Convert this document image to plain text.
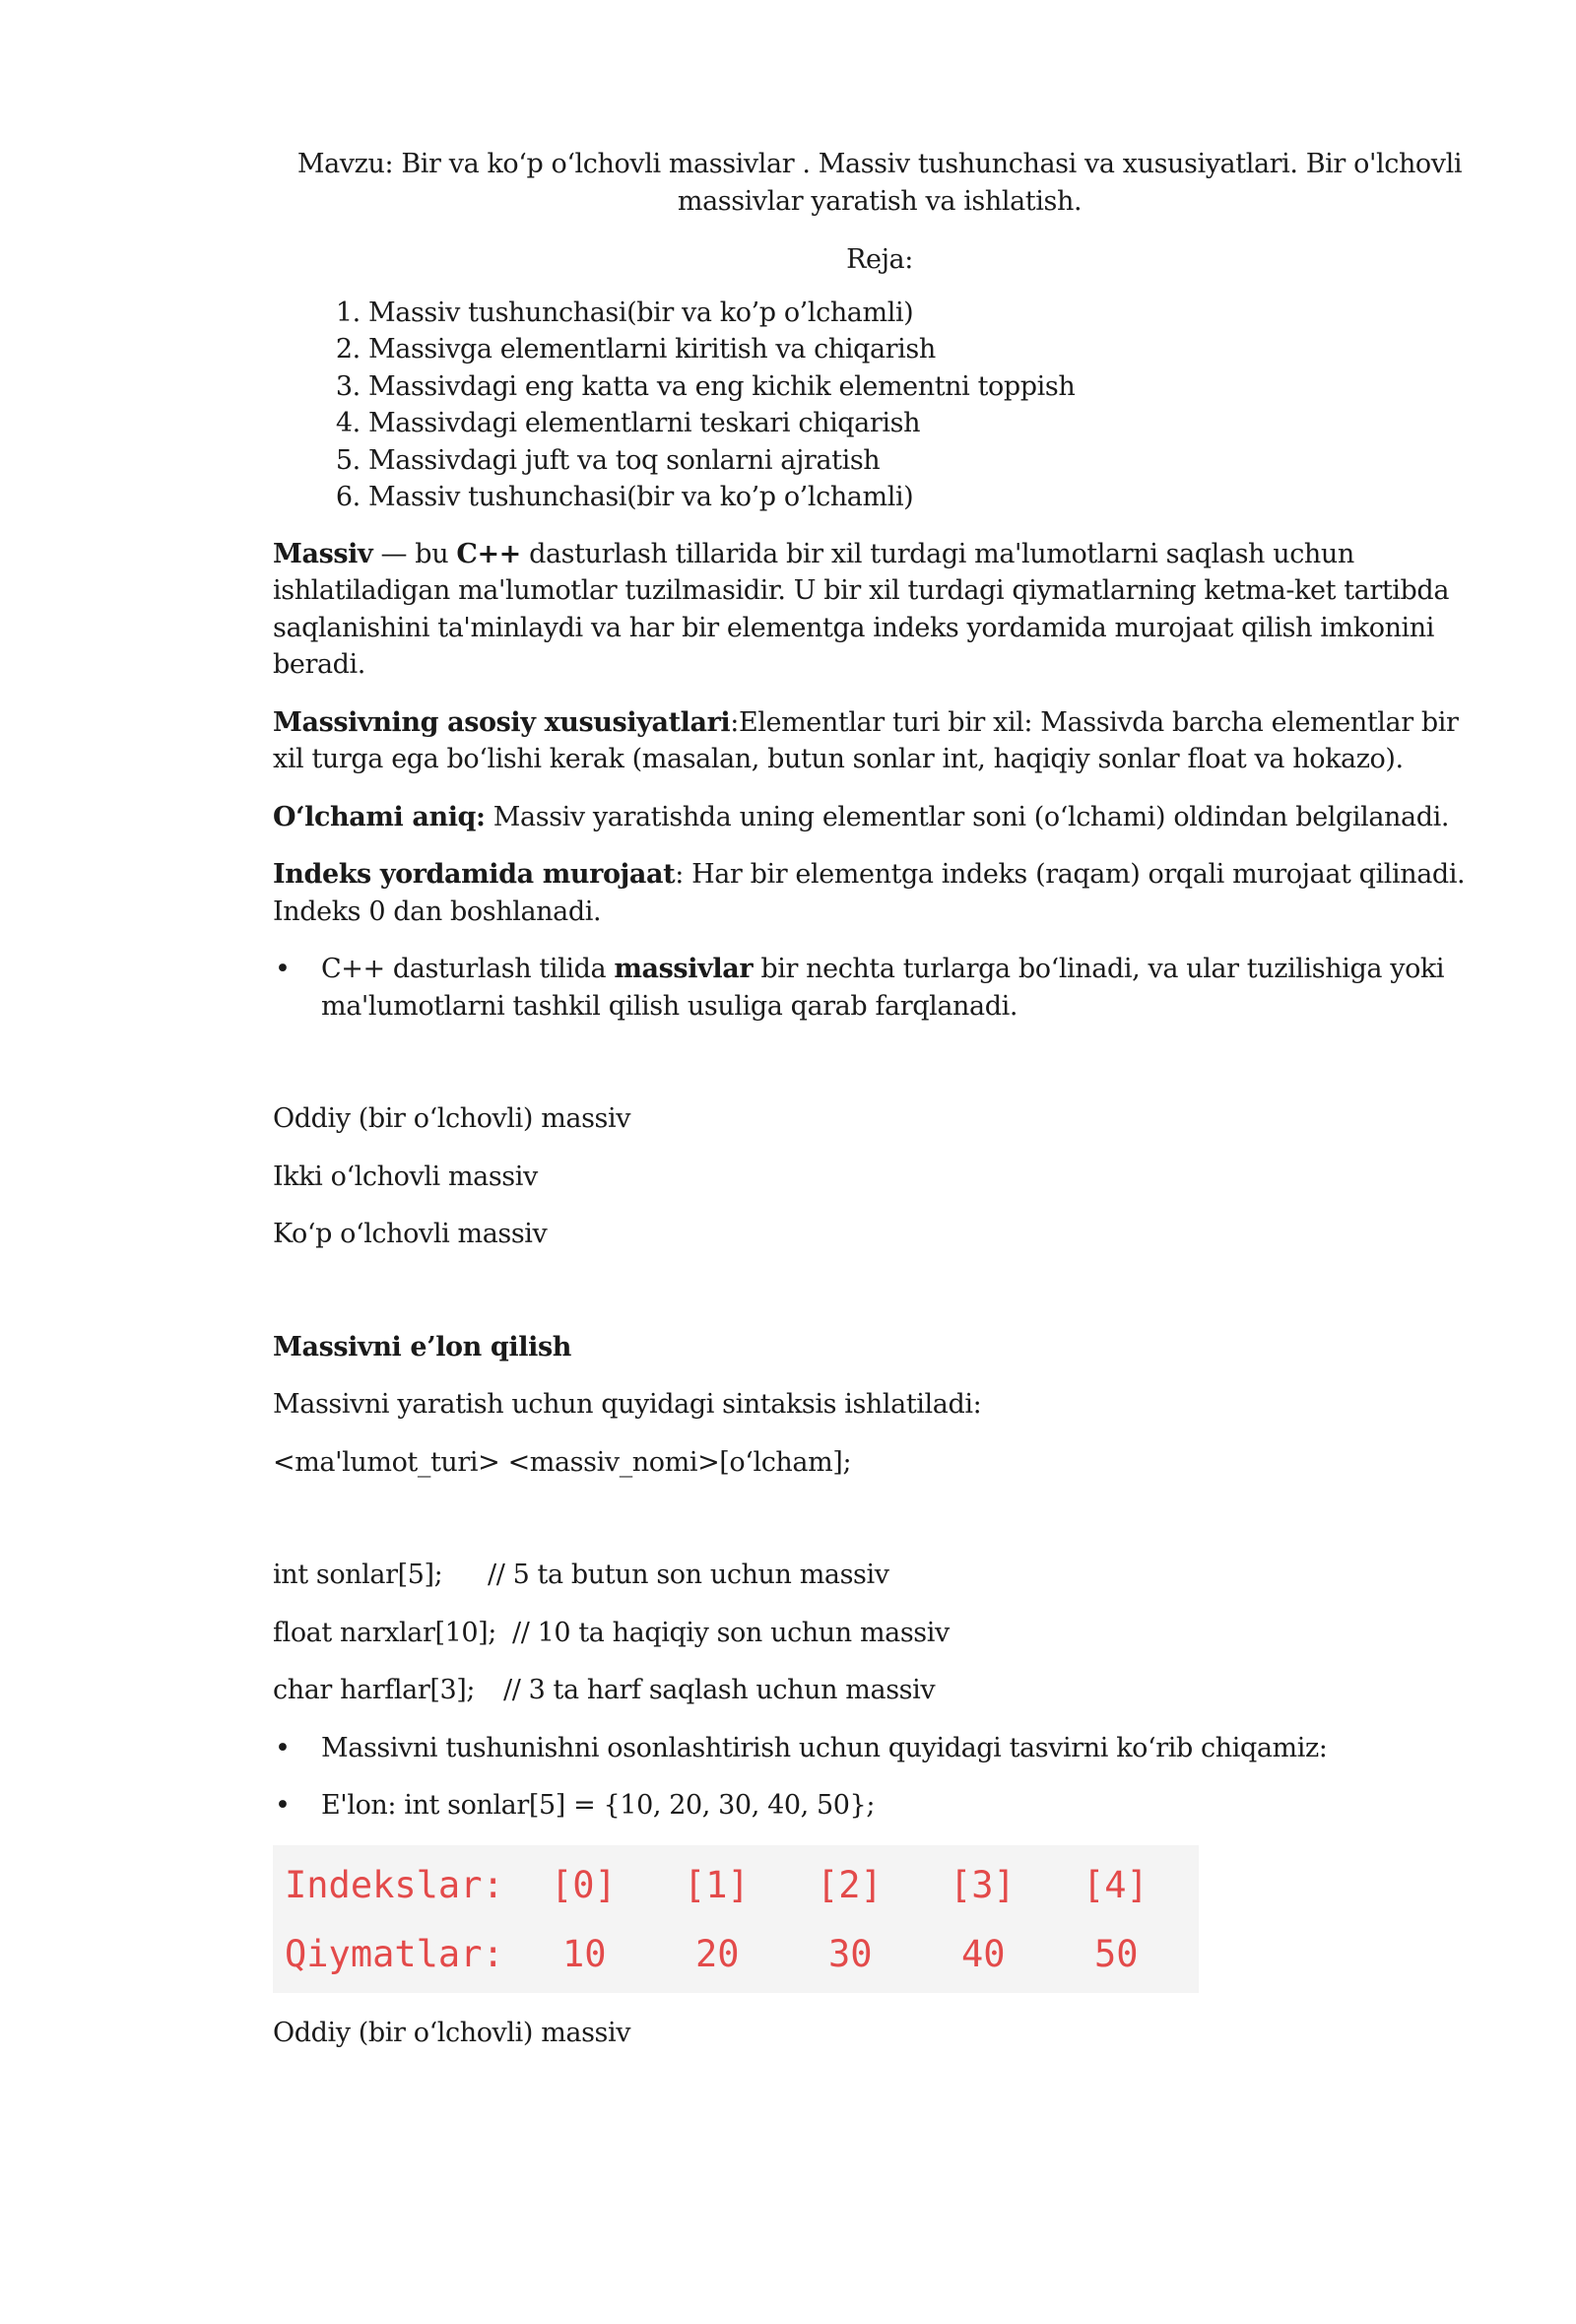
Mavzu: Bir va koʻp oʻlchovli massivlar . Massiv tushunchasi va xususiyatlari. Bir o'lchovli massivlar yaratish va ishlatish.

Reja:

1. Massiv tushunchasi(bir va ko’p o’lchamli)
2. Massivga elementlarni kiritish va chiqarish
3. Massivdagi eng katta va eng kichik elementni toppish
4. Massivdagi elementlarni teskari chiqarish
5. Massivdagi juft va toq sonlarni ajratish
6. Massiv tushunchasi(bir va ko’p o’lchamli)

Massiv — bu C++ dasturlash tillarida bir xil turdagi ma'lumotlarni saqlash uchun ishlatiladigan ma'lumotlar tuzilmasidir. U bir xil turdagi qiymatlarning ketma-ket tartibda saqlanishini ta'minlaydi va har bir elementga indeks yordamida murojaat qilish imkonini beradi.

Massivning asosiy xususiyatlari:Elementlar turi bir xil: Massivda barcha elementlar bir xil turga ega boʻlishi kerak (masalan, butun sonlar int, haqiqiy sonlar float va hokazo).

Oʻlchami aniq: Massiv yaratishda uning elementlar soni (oʻlchami) oldindan belgilanadi.

Indeks yordamida murojaat: Har bir elementga indeks (raqam) orqali murojaat qilinadi. Indeks 0 dan boshlanadi.

• C++ dasturlash tilida massivlar bir nechta turlarga boʻlinadi, va ular tuzilishiga yoki ma'lumotlarni tashkil qilish usuliga qarab farqlanadi.

Oddiy (bir oʻlchovli) massiv

Ikki oʻlchovli massiv

Koʻp oʻlchovli massiv

Massivni e’lon qilish

Massivni yaratish uchun quyidagi sintaksis ishlatiladi:

<ma'lumot_turi> <massiv_nomi>[oʻlcham];

int sonlar[5]; // 5 ta butun son uchun massiv

float narxlar[10]; // 10 ta haqiqiy son uchun massiv

char harflar[3]; // 3 ta harf saqlash uchun massiv

• Massivni tushunishni osonlashtirish uchun quyidagi tasvirni koʻrib chiqamiz:
• E'lon: int sonlar[5] = {10, 20, 30, 40, 50};

Indekslar:

[0]

[1]

[2]

[3]

[4]

Qiymatlar:

10

20

30

40

50

Oddiy (bir oʻlchovli) massiv
